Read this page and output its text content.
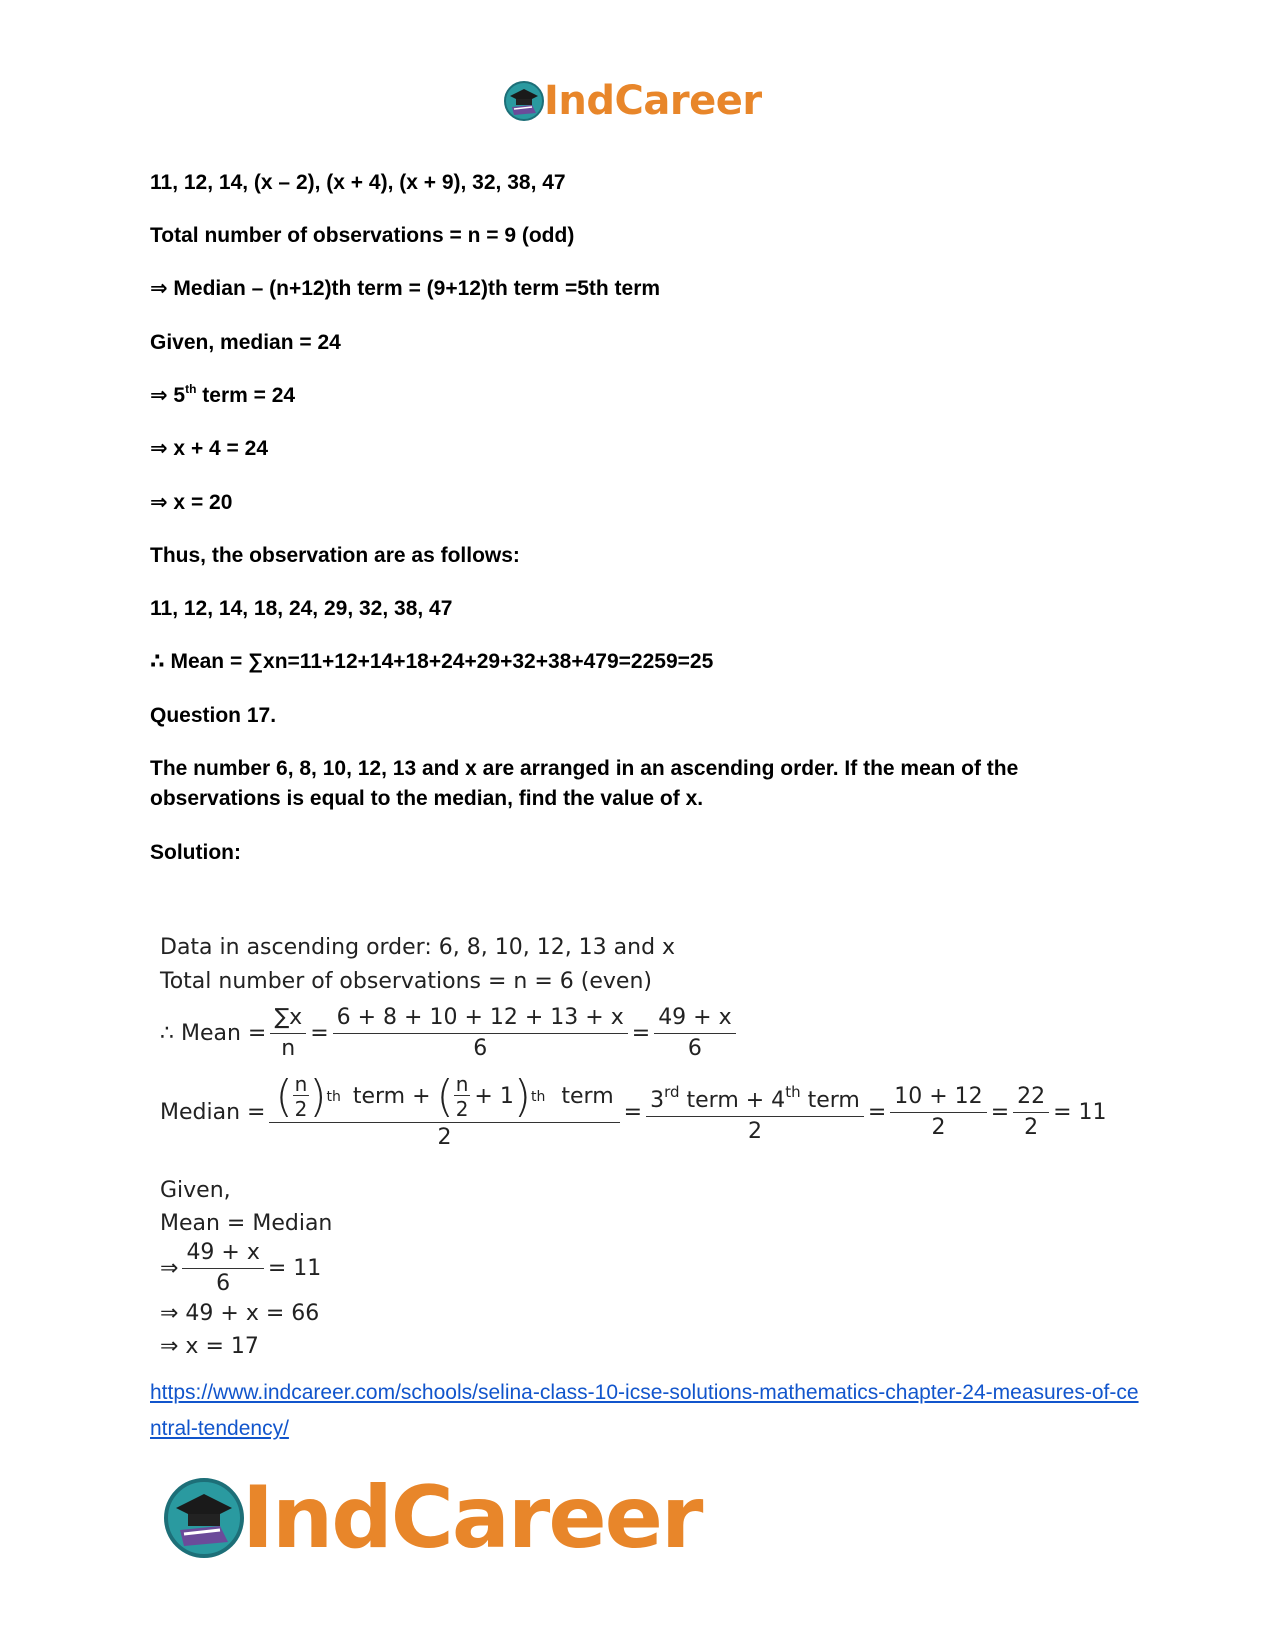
IndCareer
11, 12, 14, (x – 2), (x + 4), (x + 9), 32, 38, 47
Total number of observations = n = 9 (odd)
⇒ Median – (n+12)th term = (9+12)th term =5th term
Given, median = 24
⇒ 5th term = 24
⇒ x + 4 = 24
⇒ x = 20
Thus, the observation are as follows:
11, 12, 14, 18, 24, 29, 32, 38, 47
∴ Mean = ∑xn=11+12+14+18+24+29+32+38+479=2259=25
Question 17.
The number 6, 8, 10, 12, 13 and x are arranged in an ascending order. If the mean of the observations is equal to the median, find the value of x.
Solution:
Data in ascending order: 6, 8, 10, 12, 13 and x
Total number of observations = n = 6 (even)
∴ Mean = $\frac{\sum x}{n} = \frac{6 + 8 + 10 + 12 + 13 + x}{6} = \frac{49 + x}{6}$
Median = ( $\frac{n}{2}$ ) th term + ( $\frac{n}{2} + 1$ ) th term
2
= $\frac{3^{rd} term + 4^{th} term}{2} = \frac{10 + 12}{2} = \frac{22}{2} = 11$
Given,
Mean = Median
⇒ $\frac{49 + x}{6} = 11$
⇒ 49 + x = 66
⇒ x = 17
https://www.indcareer.com/schools/selina-class-10-icse-solutions-mathematics-chapter-24-measures-of-central-tendency/
IndCareer
